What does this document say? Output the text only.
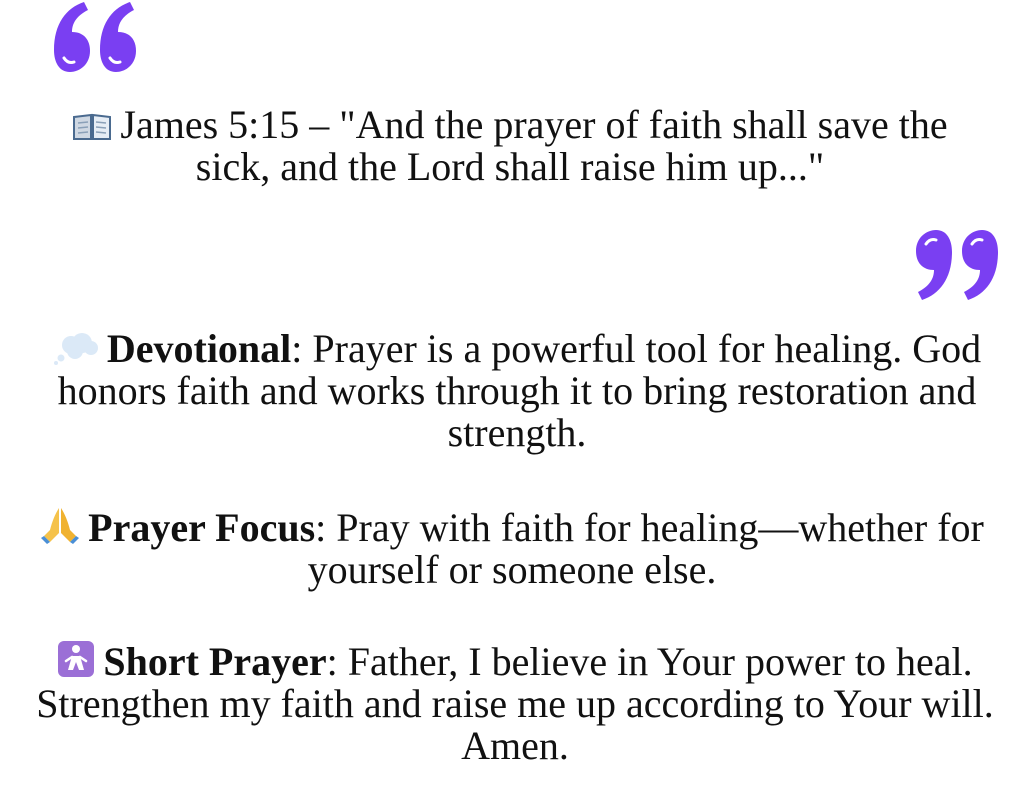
James 5:15 – "And the prayer of faith shall save the sick, and the Lord shall raise him up..."

Devotional: Prayer is a powerful tool for healing. God honors faith and works through it to bring restoration and strength.

Prayer Focus: Pray with faith for healing—whether for yourself or someone else.

Short Prayer: Father, I believe in Your power to heal. Strengthen my faith and raise me up according to Your will. Amen.
